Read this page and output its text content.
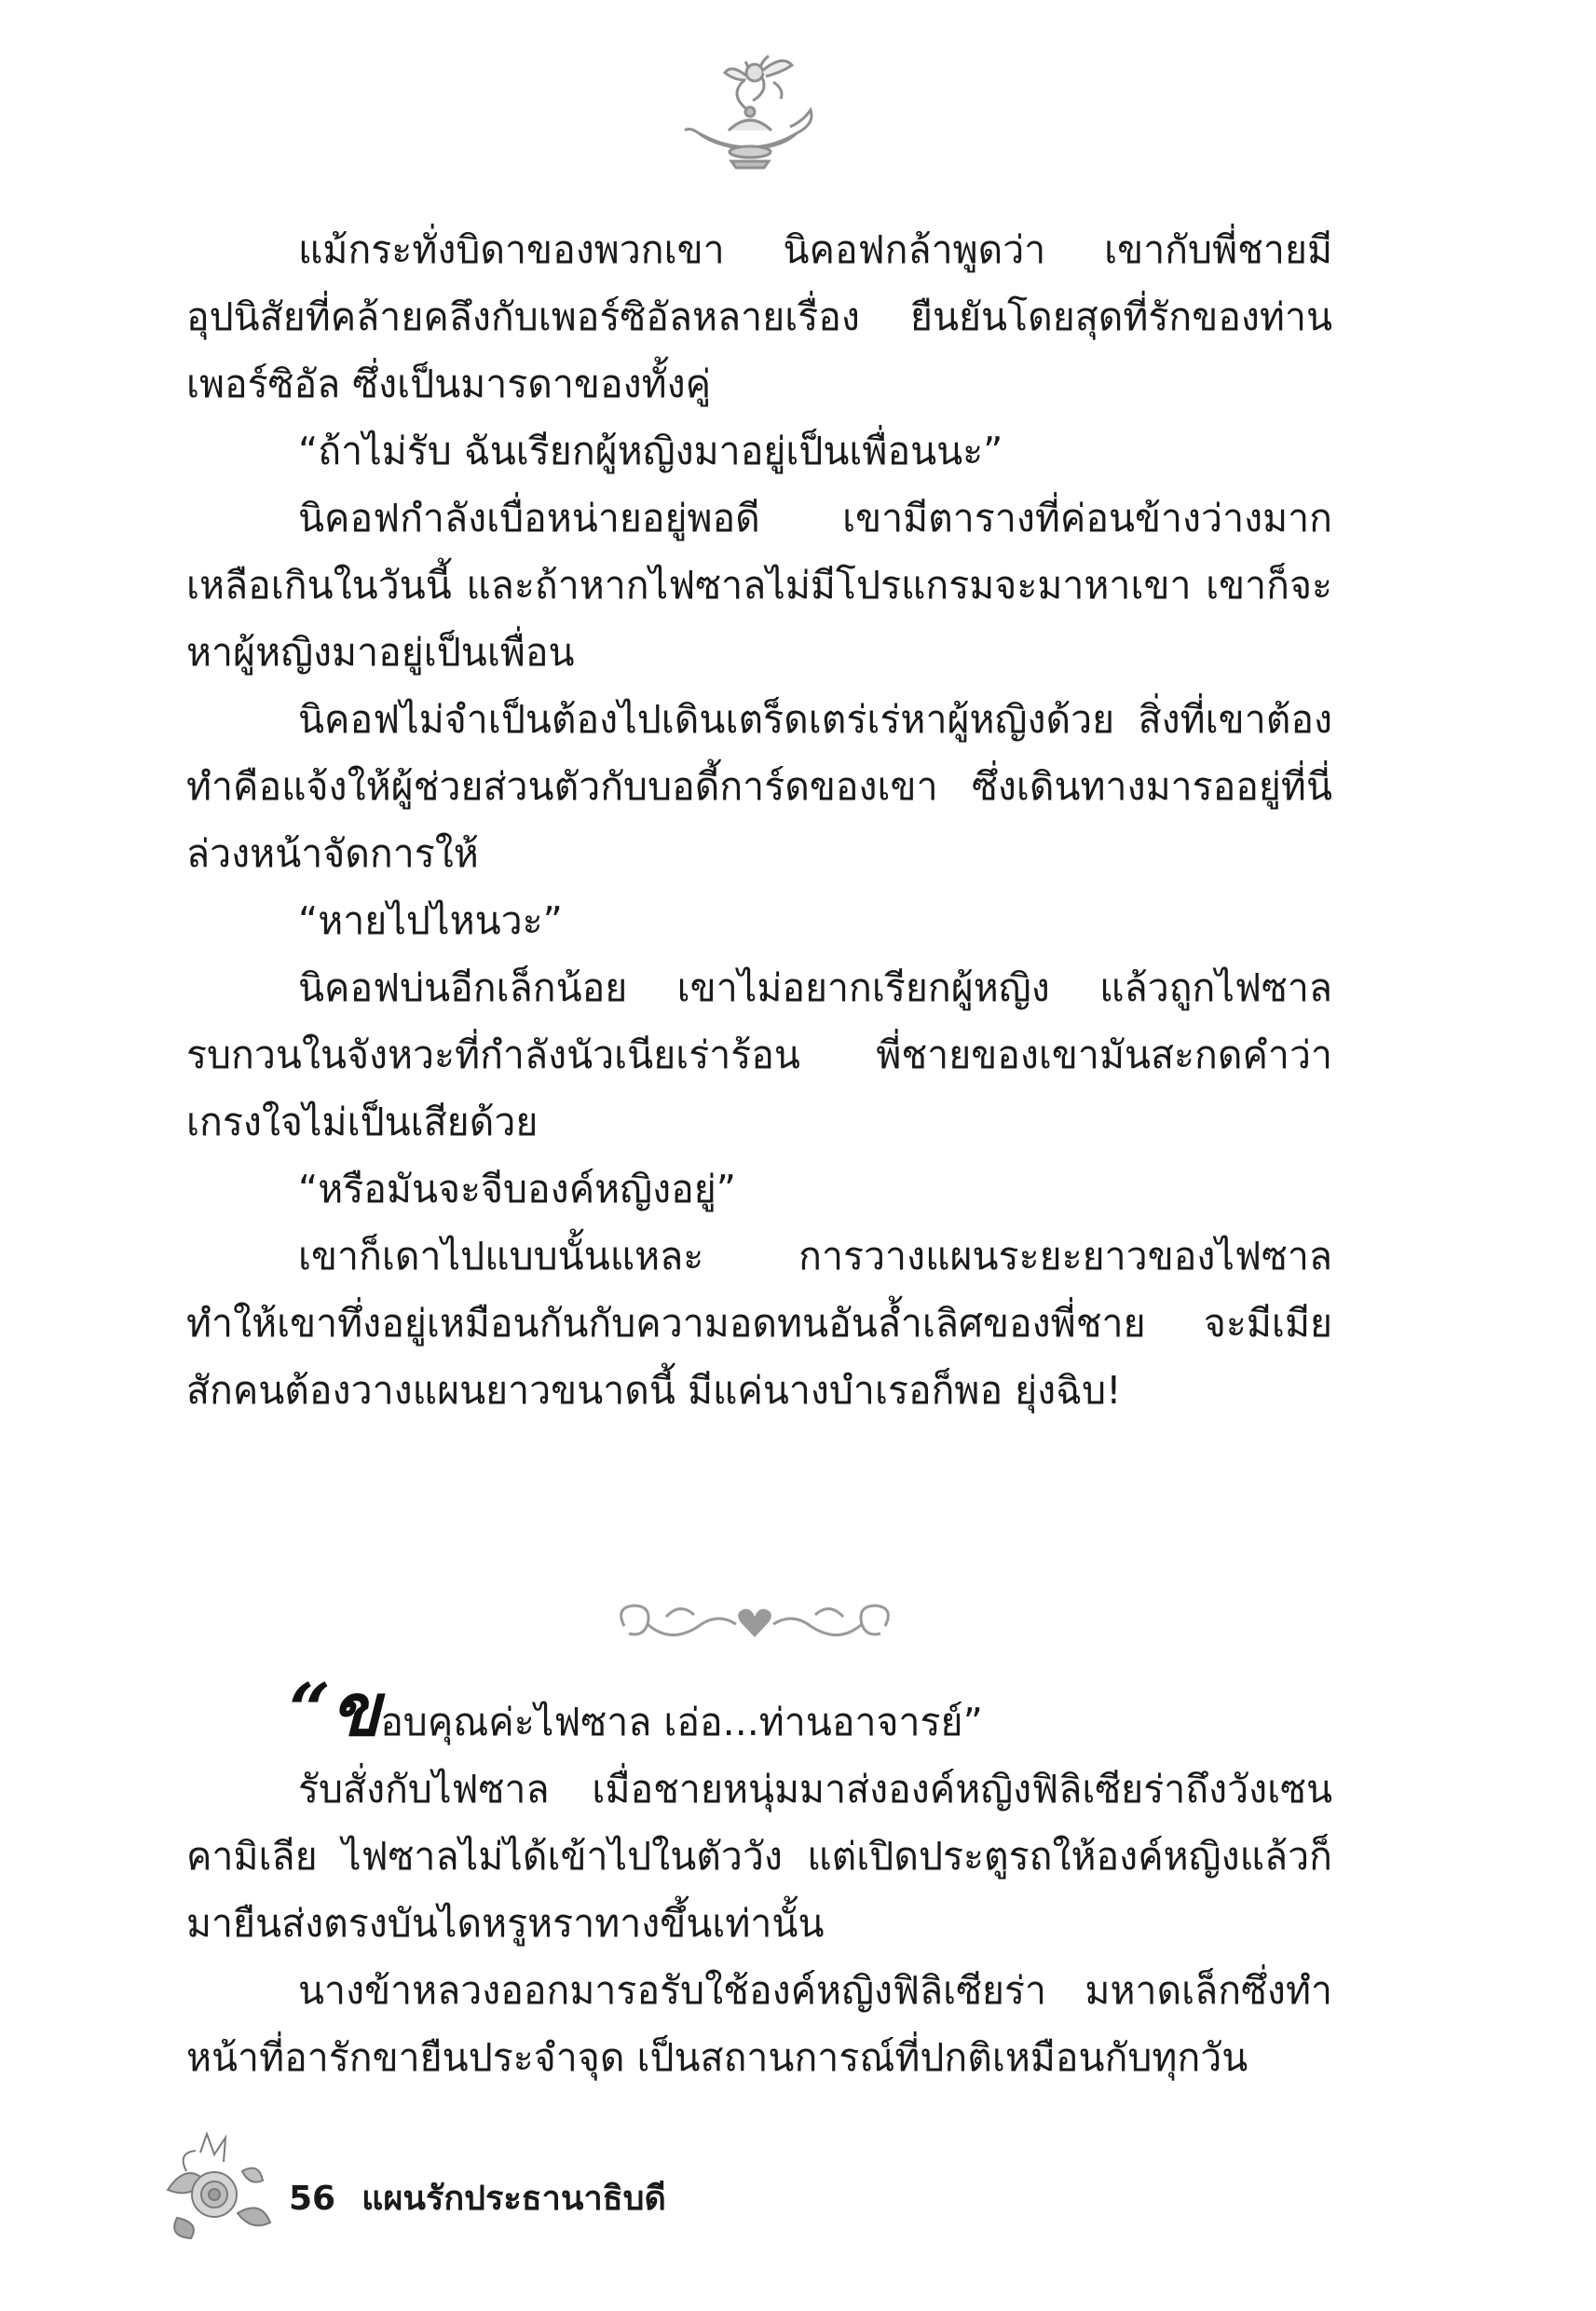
แม้กระทั่งบิดาของพวกเขา นิคอฟกล้าพูดว่า เขากับพี่ชายมีอุปนิสัยที่คล้ายคลึงกับเพอร์ซิอัลหลายเรื่อง ยืนยันโดยสุดที่รักของท่านเพอร์ซิอัล ซึ่งเป็นมารดาของทั้งคู่

“ถ้าไม่รับ ฉันเรียกผู้หญิงมาอยู่เป็นเพื่อนนะ”

นิคอฟกำลังเบื่อหน่ายอยู่พอดี เขามีตารางที่ค่อนข้างว่างมากเหลือเกินในวันนี้ และถ้าหากไฟซาลไม่มีโปรแกรมจะมาหาเขา เขาก็จะหาผู้หญิงมาอยู่เป็นเพื่อน

นิคอฟไม่จำเป็นต้องไปเดินเตร็ดเตร่เร่หาผู้หญิงด้วย สิ่งที่เขาต้องทำคือแจ้งให้ผู้ช่วยส่วนตัวกับบอดี้การ์ดของเขา ซึ่งเดินทางมารออยู่ที่นี่ล่วงหน้าจัดการให้

“หายไปไหนวะ”

นิคอฟบ่นอีกเล็กน้อย เขาไม่อยากเรียกผู้หญิง แล้วถูกไฟซาลรบกวนในจังหวะที่กำลังนัวเนียเร่าร้อน พี่ชายของเขามันสะกดคำว่าเกรงใจไม่เป็นเสียด้วย

“หรือมันจะจีบองค์หญิงอยู่”

เขาก็เดาไปแบบนั้นแหละ การวางแผนระยะยาวของไฟซาลทำให้เขาทึ่งอยู่เหมือนกันกับความอดทนอันล้ำเลิศของพี่ชาย จะมีเมียสักคนต้องวางแผนยาวขนาดนี้ มีแค่นางบำเรอก็พอ ยุ่งฉิบ!

“ขอบคุณค่ะไฟซาล เอ่อ...ท่านอาจารย์”

รับสั่งกับไฟซาล เมื่อชายหนุ่มมาส่งองค์หญิงฟิลิเซียร่าถึงวังเซนคามิเลีย ไฟซาลไม่ได้เข้าไปในตัววัง แต่เปิดประตูรถให้องค์หญิงแล้วก็มายืนส่งตรงบันไดหรูหราทางขึ้นเท่านั้น

นางข้าหลวงออกมารอรับใช้องค์หญิงฟิลิเซียร่า มหาดเล็กซึ่งทำหน้าที่อารักขายืนประจำจุด เป็นสถานการณ์ที่ปกติเหมือนกับทุกวัน

56 แผนรักประธานาธิบดี
